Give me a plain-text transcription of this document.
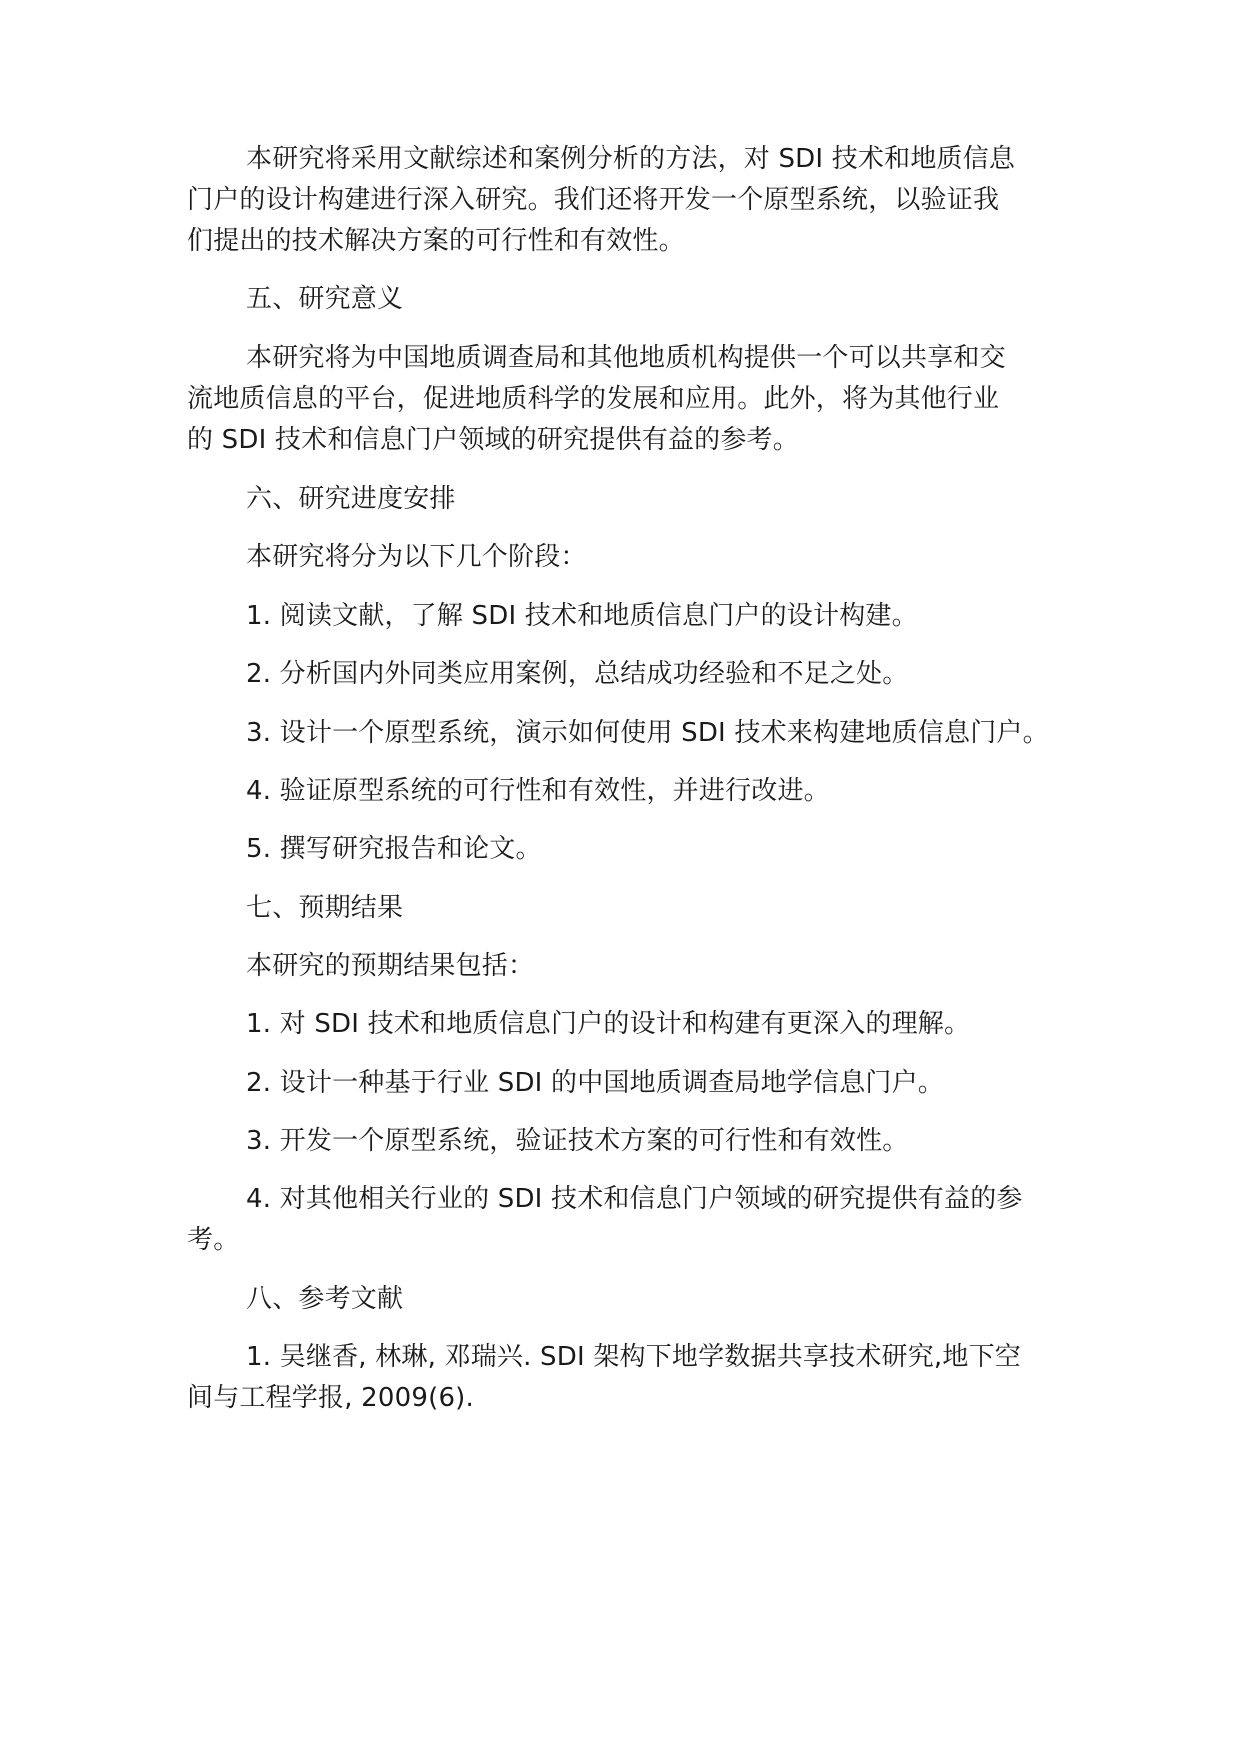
本研究将采用文献综述和案例分析的方法，对 SDI 技术和地质信息
门户的设计构建进行深入研究。我们还将开发一个原型系统，以验证我
们提出的技术解决方案的可行性和有效性。
五、研究意义
本研究将为中国地质调查局和其他地质机构提供一个可以共享和交
流地质信息的平台，促进地质科学的发展和应用。此外，将为其他行业
的 SDI 技术和信息门户领域的研究提供有益的参考。
六、研究进度安排
本研究将分为以下几个阶段：
1. 阅读文献，了解 SDI 技术和地质信息门户的设计构建。
2. 分析国内外同类应用案例，总结成功经验和不足之处。
3. 设计一个原型系统，演示如何使用 SDI 技术来构建地质信息门户。
4. 验证原型系统的可行性和有效性，并进行改进。
5. 撰写研究报告和论文。
七、预期结果
本研究的预期结果包括：
1. 对 SDI 技术和地质信息门户的设计和构建有更深入的理解。
2. 设计一种基于行业 SDI 的中国地质调查局地学信息门户。
3. 开发一个原型系统，验证技术方案的可行性和有效性。
4. 对其他相关行业的 SDI 技术和信息门户领域的研究提供有益的参
考。
八、参考文献
1. 吴继香, 林琳, 邓瑞兴. SDI 架构下地学数据共享技术研究,地下空
间与工程学报, 2009(6).
